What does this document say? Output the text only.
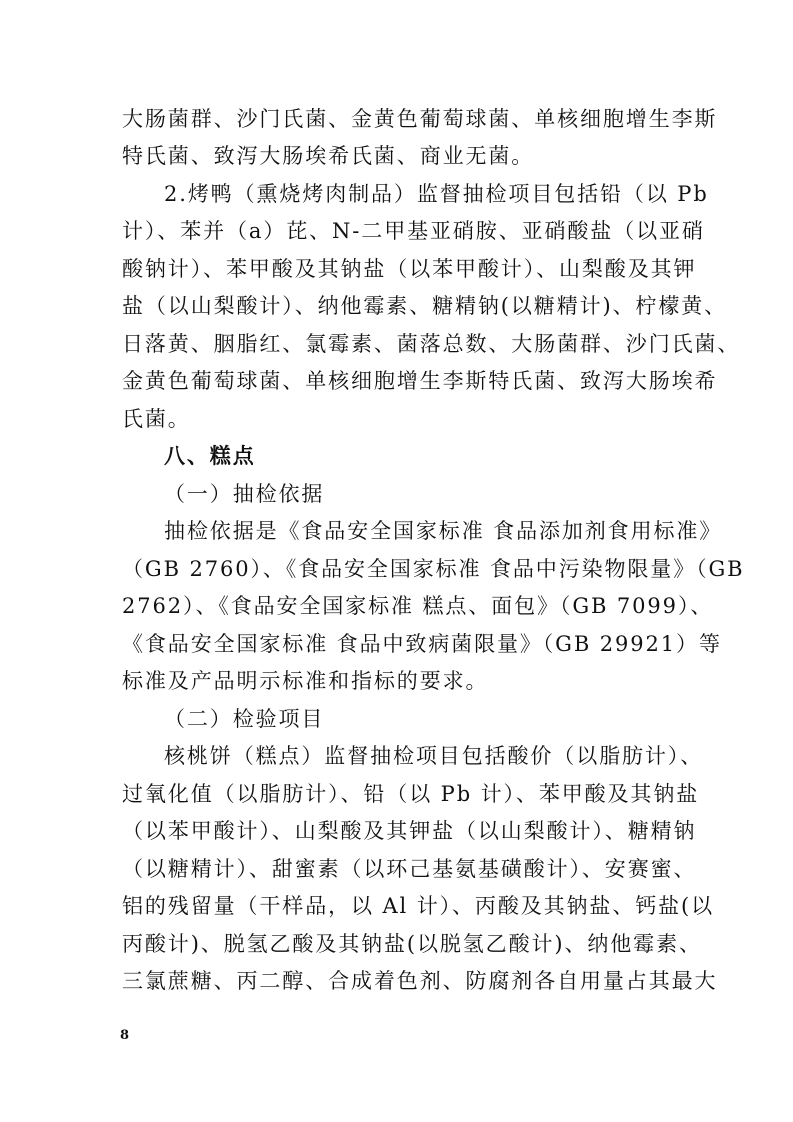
大肠菌群、沙门氏菌、金黄色葡萄球菌、单核细胞增生李斯
特氏菌、致泻大肠埃希氏菌、商业无菌。
2.烤鸭（熏烧烤肉制品）监督抽检项目包括铅（以 Pb
计）、苯并（a）芘、N-二甲基亚硝胺、亚硝酸盐（以亚硝
酸钠计）、苯甲酸及其钠盐（以苯甲酸计）、山梨酸及其钾
盐（以山梨酸计）、纳他霉素、糖精钠(以糖精计)、柠檬黄、
日落黄、胭脂红、氯霉素、菌落总数、大肠菌群、沙门氏菌、
金黄色葡萄球菌、单核细胞增生李斯特氏菌、致泻大肠埃希
氏菌。
八、糕点
（一）抽检依据
抽检依据是《食品安全国家标准 食品添加剂食用标准》
（GB 2760）、《食品安全国家标准 食品中污染物限量》（GB
2762）、《食品安全国家标准 糕点、面包》（GB 7099）、
《食品安全国家标准 食品中致病菌限量》（GB 29921）等
标准及产品明示标准和指标的要求。
（二）检验项目
核桃饼（糕点）监督抽检项目包括酸价（以脂肪计）、
过氧化值（以脂肪计）、铅（以 Pb 计）、苯甲酸及其钠盐
（以苯甲酸计）、山梨酸及其钾盐（以山梨酸计）、糖精钠
（以糖精计）、甜蜜素（以环己基氨基磺酸计）、安赛蜜、
铝的残留量（干样品，以 Al 计）、丙酸及其钠盐、钙盐(以
丙酸计)、脱氢乙酸及其钠盐(以脱氢乙酸计)、纳他霉素、
三氯蔗糖、丙二醇、合成着色剂、防腐剂各自用量占其最大
8
